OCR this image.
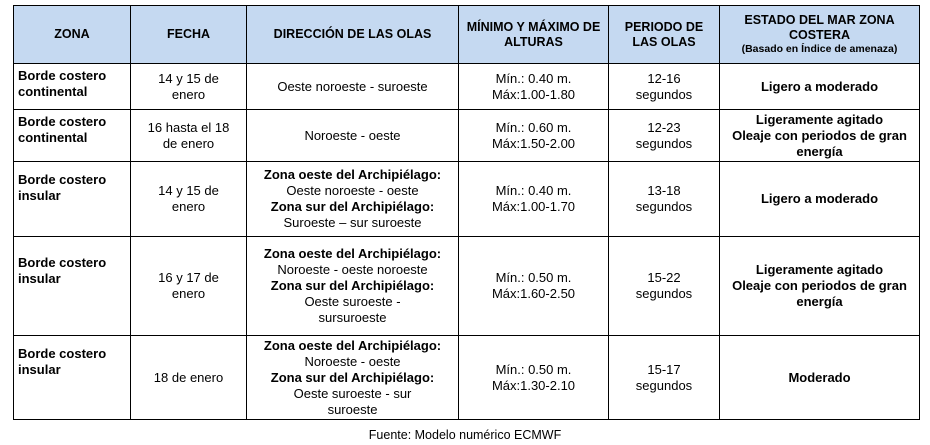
ZONA	FECHA	DIRECCIÓN DE LAS OLAS	MÍNIMO Y MÁXIMO DE ALTURAS	PERIODO DE LAS OLAS	ESTADO DEL MAR ZONA COSTERA
(Basado en Índice de amenaza)

Borde costero
continental	14 y 15 de
enero	Oeste noroeste - suroeste	Mín.: 0.40 m.
Máx:1.00-1.80	12-16
segundos	Ligero a moderado

Borde costero
continental	16 hasta el 18
de enero	Noroeste - oeste	Mín.: 0.60 m.
Máx:1.50-2.00	12-23
segundos	Ligeramente agitado
Oleaje con periodos de gran
energía

Borde costero
insular	14 y 15 de
enero	Zona oeste del Archipiélago:
Oeste noroeste - oeste
Zona sur del Archipiélago:
Suroeste – sur suroeste	Mín.: 0.40 m.
Máx:1.00-1.70	13-18
segundos	Ligero a moderado

Borde costero
insular	16 y 17 de
enero	Zona oeste del Archipiélago:
Noroeste - oeste noroeste
Zona sur del Archipiélago:
Oeste suroeste -
sursuroeste	Mín.: 0.50 m.
Máx:1.60-2.50	15-22
segundos	Ligeramente agitado
Oleaje con periodos de gran
energía

Borde costero
insular	18 de enero	Zona oeste del Archipiélago:
Noroeste - oeste
Zona sur del Archipiélago:
Oeste suroeste - sur
suroeste	Mín.: 0.50 m.
Máx:1.30-2.10	15-17
segundos	Moderado
Fuente: Modelo numérico ECMWF
